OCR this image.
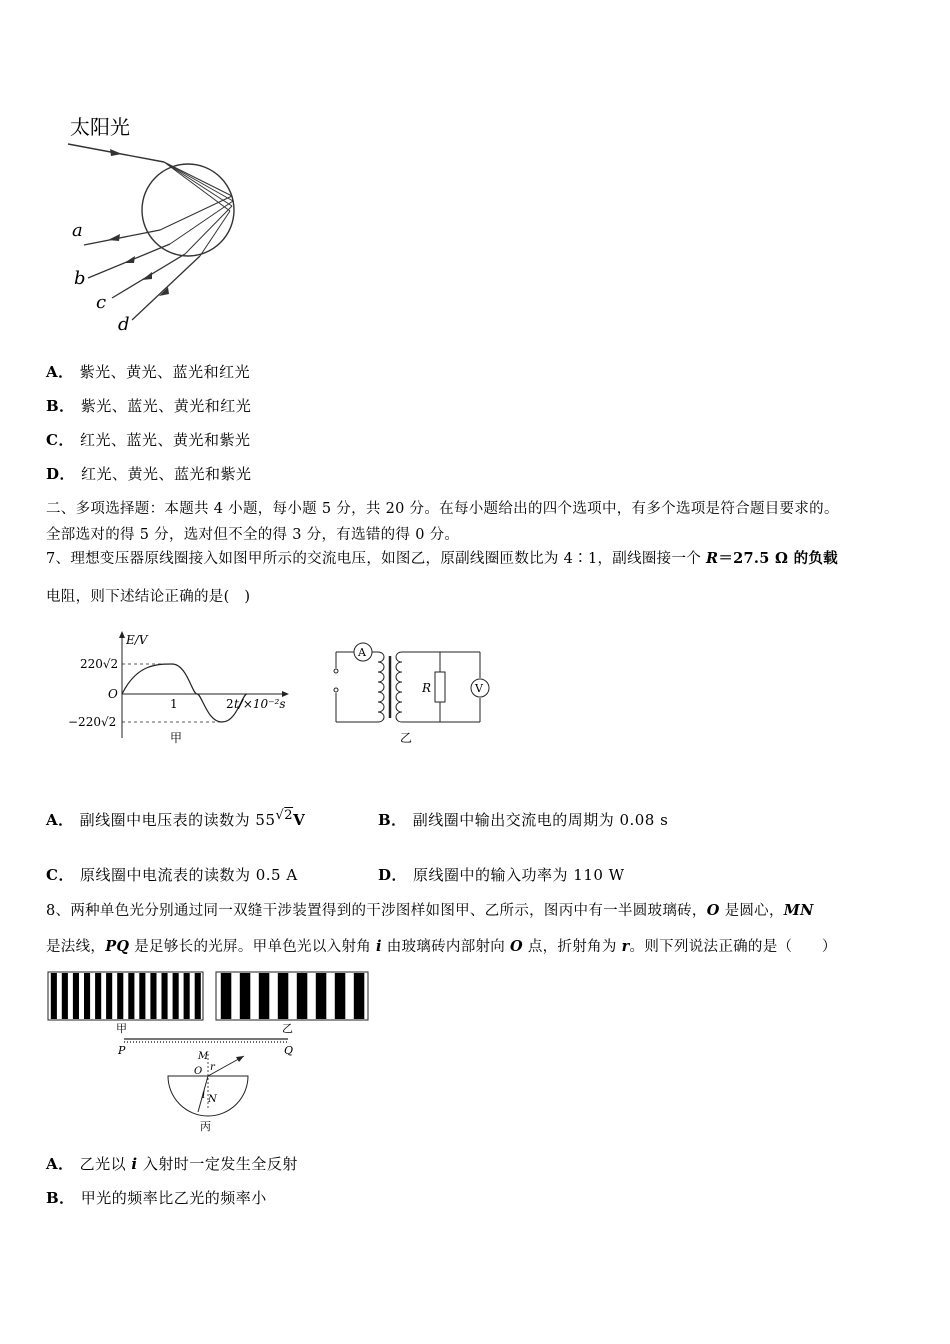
太阳光
a
b
c
d
A． 紫光、黄光、蓝光和红光
B． 紫光、蓝光、黄光和红光
C． 红光、蓝光、黄光和紫光
D． 红光、黄光、蓝光和紫光
二、多项选择题：本题共 4 小题，每小题 5 分，共 20 分。在每小题给出的四个选项中，有多个选项是符合题目要求的。
全部选对的得 5 分，选对但不全的得 3 分，有选错的得 0 分。
7、理想变压器原线圈接入如图甲所示的交流电压，如图乙，原副线圈匝数比为 4∶1，副线圈接一个 R＝27.5 Ω 的负载
电阻，则下述结论正确的是(　)
E/V
220√2
O
−220√2
1	2 t/×10⁻²s
甲
A
R	V
乙
A． 副线圈中电压表的读数为 55√2V	B． 副线圈中输出交流电的周期为 0.08 s
C． 原线圈中电流表的读数为 0.5 A	D． 原线圈中的输入功率为 110 W
8、两种单色光分别通过同一双缝干涉装置得到的干涉图样如图甲、乙所示，图丙中有一半圆玻璃砖，O 是圆心，MN
是法线，PQ 是足够长的光屏。甲单色光以入射角 i 由玻璃砖内部射向 O 点，折射角为 r。则下列说法正确的是（　　）
甲	乙
P	Q
M
O r
i N
丙
A． 乙光以 i 入射时一定发生全反射
B． 甲光的频率比乙光的频率小
